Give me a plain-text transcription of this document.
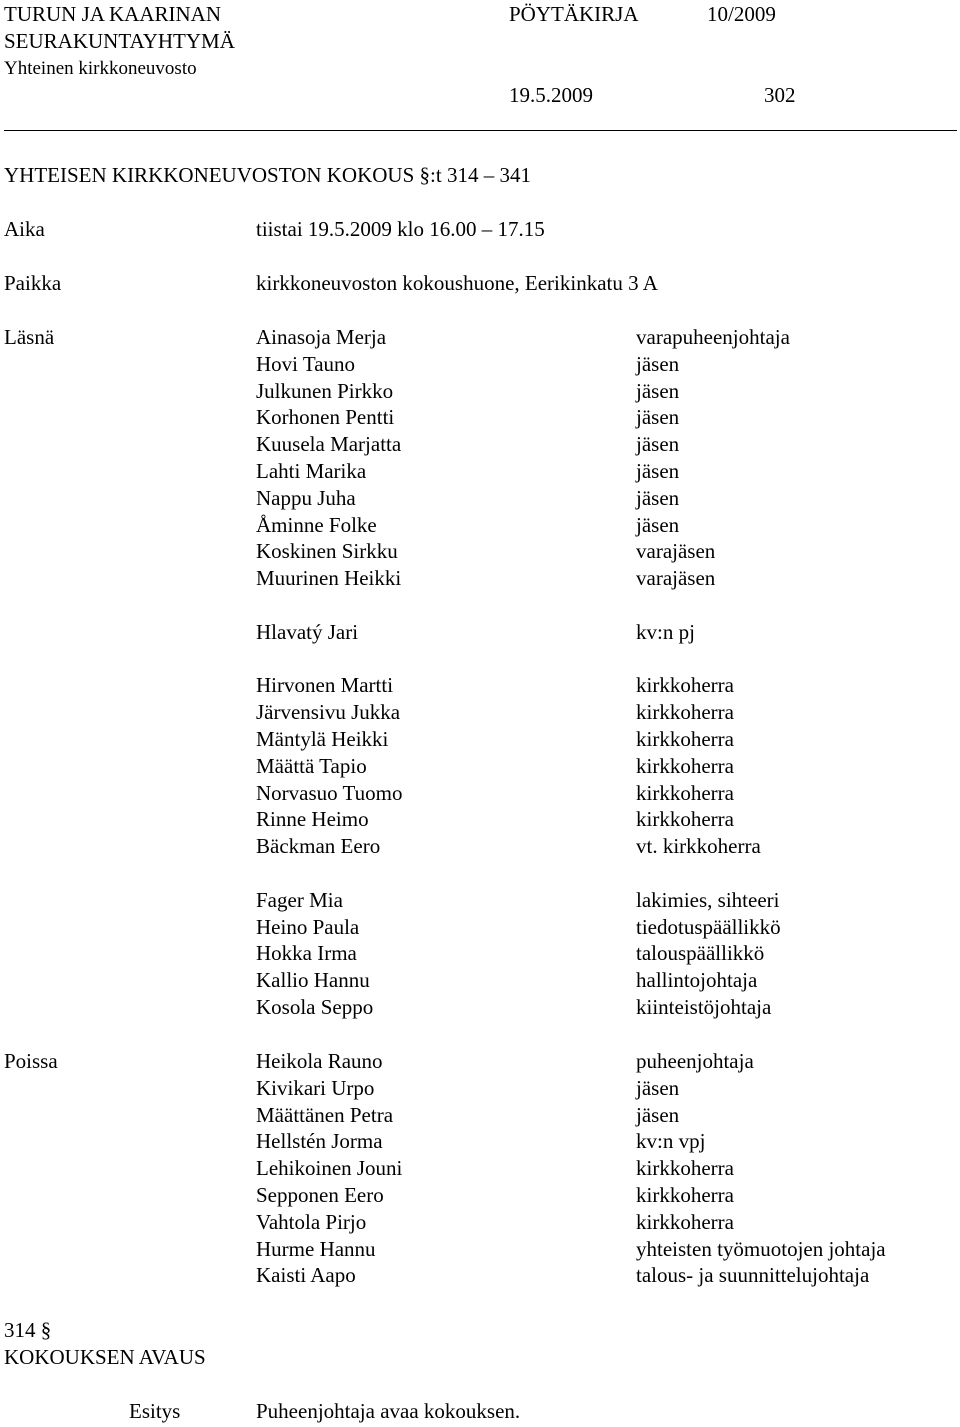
TURUN JA KAARINAN
SEURAKUNTAYHTYMÄ
Yhteinen kirkkoneuvosto
PÖYTÄKIRJA	10/2009
19.5.2009	302
YHTEISEN KIRKKONEUVOSTON KOKOUS §:t 314 – 341
Aika	tiistai 19.5.2009 klo 16.00 – 17.15
Paikka	kirkkoneuvoston kokoushuone, Eerikinkatu 3 A
Läsnä	Ainasoja Merja	varapuheenjohtaja
Hovi Tauno	jäsen
Julkunen Pirkko	jäsen
Korhonen Pentti	jäsen
Kuusela Marjatta	jäsen
Lahti Marika	jäsen
Nappu Juha	jäsen
Åminne Folke	jäsen
Koskinen Sirkku	varajäsen
Muurinen Heikki	varajäsen
Hlavatý Jari	kv:n pj
Hirvonen Martti	kirkkoherra
Järvensivu Jukka	kirkkoherra
Mäntylä Heikki	kirkkoherra
Määttä Tapio	kirkkoherra
Norvasuo Tuomo	kirkkoherra
Rinne Heimo	kirkkoherra
Bäckman Eero	vt. kirkkoherra
Fager Mia	lakimies, sihteeri
Heino Paula	tiedotuspäällikkö
Hokka Irma	talouspäällikkö
Kallio Hannu	hallintojohtaja
Kosola Seppo	kiinteistöjohtaja
Poissa	Heikola Rauno	puheenjohtaja
Kivikari Urpo	jäsen
Määttänen Petra	jäsen
Hellstén Jorma	kv:n vpj
Lehikoinen Jouni	kirkkoherra
Sepponen Eero	kirkkoherra
Vahtola Pirjo	kirkkoherra
Hurme Hannu	yhteisten työmuotojen johtaja
Kaisti Aapo	talous- ja suunnittelujohtaja
314 §
KOKOUKSEN AVAUS
Esitys	Puheenjohtaja avaa kokouksen.
